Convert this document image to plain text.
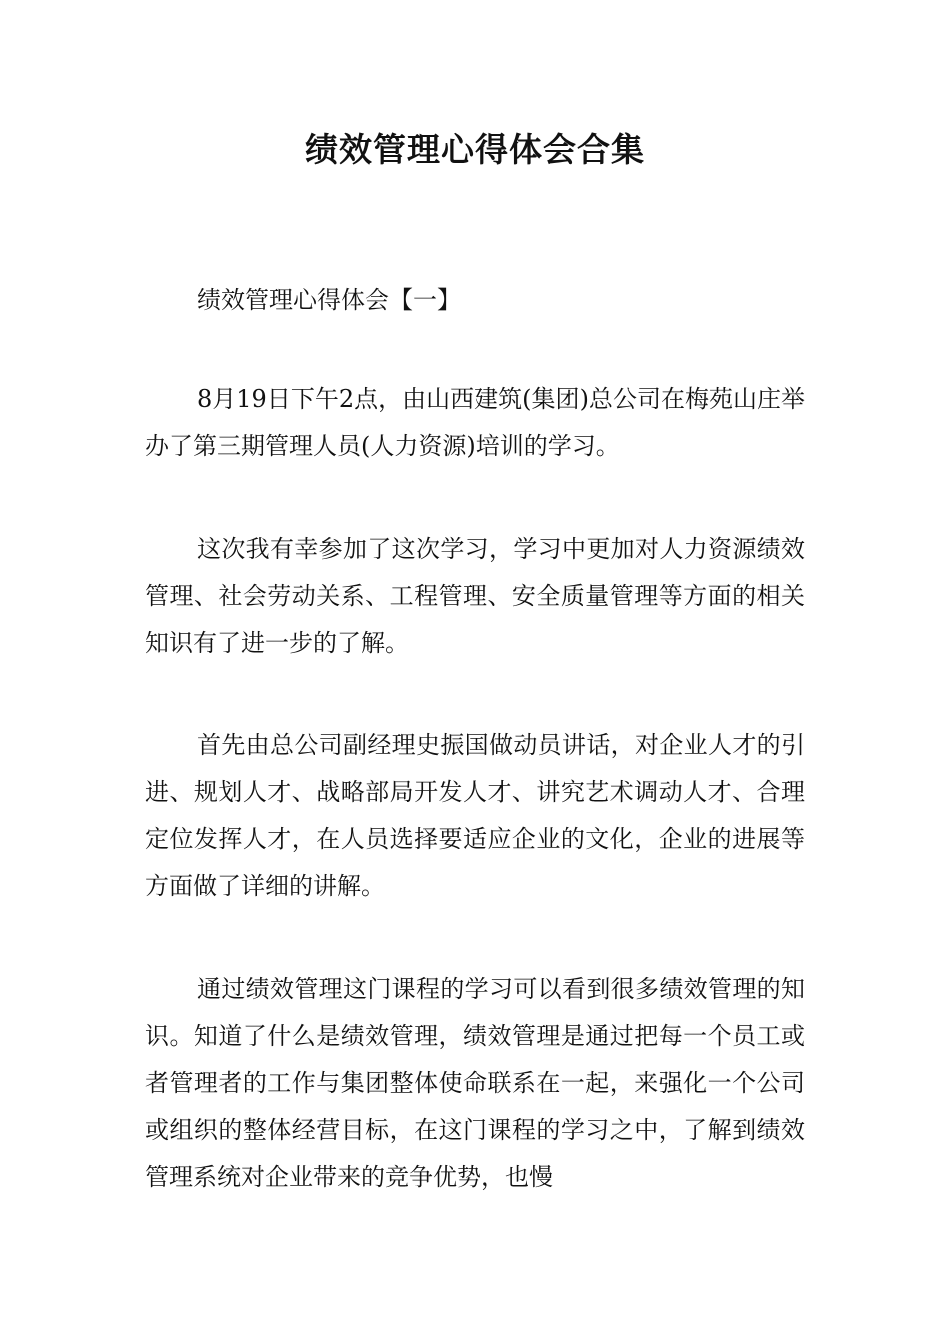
绩效管理心得体会合集
绩效管理心得体会【一】

8月19日下午2点，由山西建筑(集团)总公司在梅苑山庄举办了第三期管理人员(人力资源)培训的学习。

这次我有幸参加了这次学习，学习中更加对人力资源绩效管理、社会劳动关系、工程管理、安全质量管理等方面的相关知识有了进一步的了解。

首先由总公司副经理史振国做动员讲话，对企业人才的引进、规划人才、战略部局开发人才、讲究艺术调动人才、合理定位发挥人才，在人员选择要适应企业的文化，企业的进展等方面做了详细的讲解。

通过绩效管理这门课程的学习可以看到很多绩效管理的知识。知道了什么是绩效管理，绩效管理是通过把每一个员工或者管理者的工作与集团整体使命联系在一起，来强化一个公司或组织的整体经营目标，在这门课程的学习之中，了解到绩效管理系统对企业带来的竞争优势，也慢
